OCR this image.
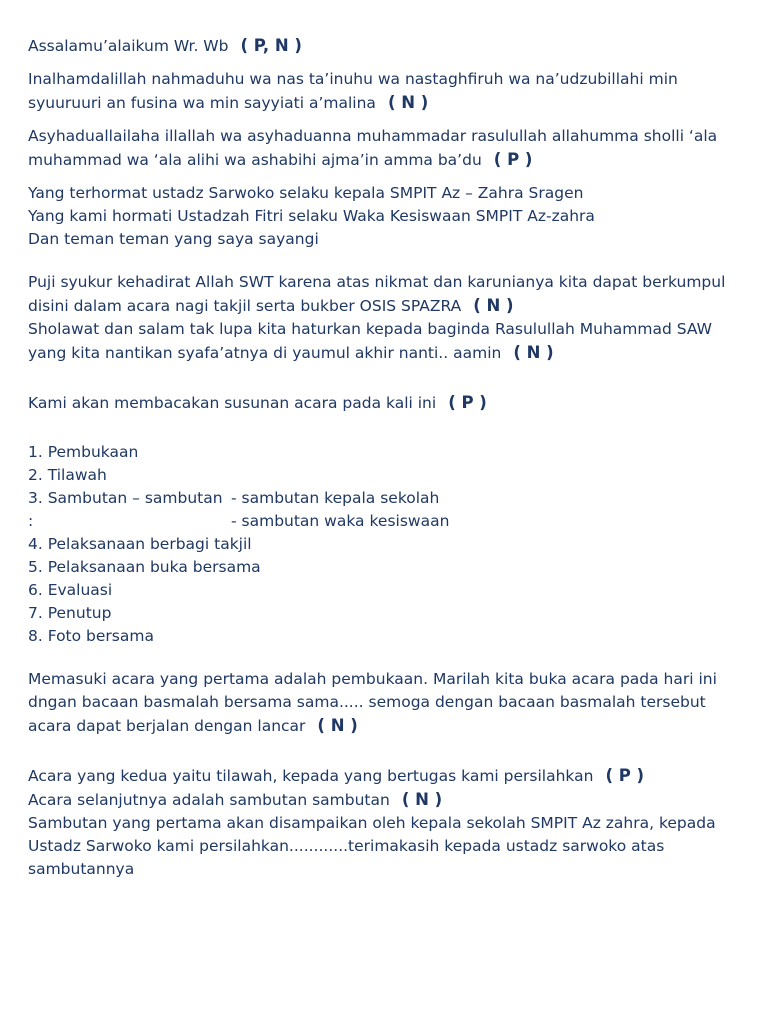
Assalamu’alaikum Wr. Wb ( P, N )

Inalhamdalillah nahmaduhu wa nas ta’inuhu wa nastaghfiruh wa na’udzubillahi min syuuruuri an fusina wa min sayyiati a’malina ( N )

Asyhaduallailaha illallah wa asyhaduanna muhammadar rasulullah allahumma sholli ‘ala muhammad wa ‘ala alihi wa ashabihi ajma’in amma ba’du ( P )

Yang terhormat ustadz Sarwoko selaku kepala SMPIT Az – Zahra Sragen

Yang kami hormati Ustadzah Fitri selaku Waka Kesiswaan SMPIT Az-zahra

Dan teman teman yang saya sayangi

Puji syukur kehadirat Allah SWT karena atas nikmat dan karunianya kita dapat berkumpul disini dalam acara nagi takjil serta bukber OSIS SPAZRA ( N )

Sholawat dan salam tak lupa kita haturkan kepada baginda Rasulullah Muhammad SAW yang kita nantikan syafa’atnya di yaumul akhir nanti.. aamin ( N )

Kami akan membacakan susunan acara pada kali ini ( P )

1. Pembukaan
2. Tilawah
3. Sambutan – sambutan :
- sambutan kepala sekolah
- sambutan waka kesiswaan
4. Pelaksanaan berbagi takjil
5. Pelaksanaan buka bersama
6. Evaluasi
7. Penutup
8. Foto bersama

Memasuki acara yang pertama adalah pembukaan. Marilah kita buka acara pada hari ini dngan bacaan basmalah bersama sama..... semoga dengan bacaan basmalah tersebut acara dapat berjalan dengan lancar ( N )

Acara yang kedua yaitu tilawah, kepada yang bertugas kami persilahkan ( P )

Acara selanjutnya adalah sambutan sambutan ( N )

Sambutan yang pertama akan disampaikan oleh kepala sekolah SMPIT Az zahra, kepada Ustadz Sarwoko kami persilahkan............terimakasih kepada ustadz sarwoko atas sambutannya
